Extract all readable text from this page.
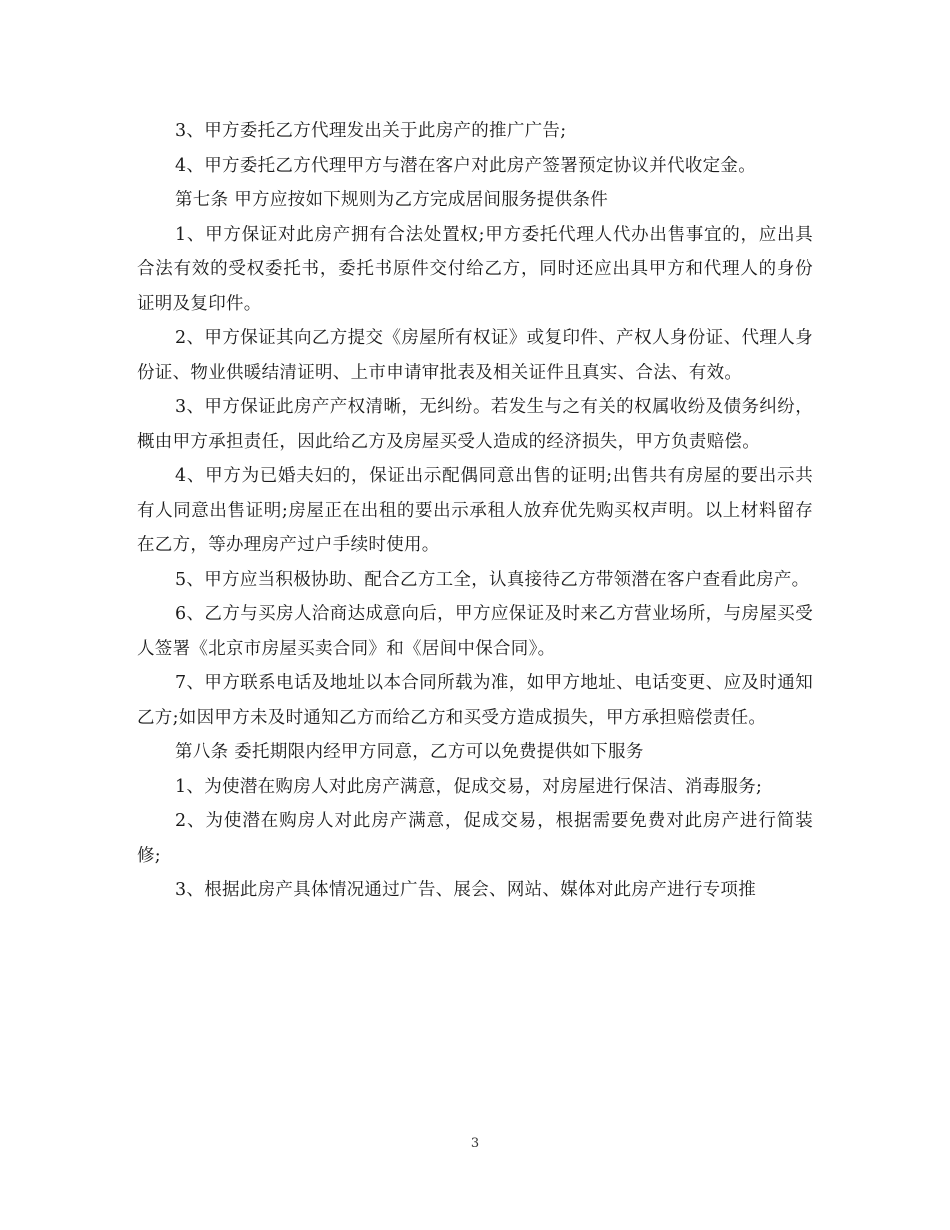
3、甲方委托乙方代理发出关于此房产的推广广告;

4、甲方委托乙方代理甲方与潜在客户对此房产签署预定协议并代收定金。

第七条 甲方应按如下规则为乙方完成居间服务提供条件

1、甲方保证对此房产拥有合法处置权;甲方委托代理人代办出售事宜的，应出具合法有效的受权委托书，委托书原件交付给乙方，同时还应出具甲方和代理人的身份证明及复印件。

2、甲方保证其向乙方提交《房屋所有权证》或复印件、产权人身份证、代理人身份证、物业供暖结清证明、上市申请审批表及相关证件且真实、合法、有效。

3、甲方保证此房产产权清晰，无纠纷。若发生与之有关的权属收纷及债务纠纷，概由甲方承担责任，因此给乙方及房屋买受人造成的经济损失，甲方负责赔偿。

4、甲方为已婚夫妇的，保证出示配偶同意出售的证明;出售共有房屋的要出示共有人同意出售证明;房屋正在出租的要出示承租人放弃优先购买权声明。以上材料留存在乙方，等办理房产过户手续时使用。

5、甲方应当积极协助、配合乙方工全，认真接待乙方带领潜在客户查看此房产。

6、乙方与买房人洽商达成意向后，甲方应保证及时来乙方营业场所，与房屋买受人签署《北京市房屋买卖合同》和《居间中保合同》。

7、甲方联系电话及地址以本合同所载为准，如甲方地址、电话变更、应及时通知乙方;如因甲方未及时通知乙方而给乙方和买受方造成损失，甲方承担赔偿责任。

第八条 委托期限内经甲方同意，乙方可以免费提供如下服务

1、为使潜在购房人对此房产满意，促成交易，对房屋进行保洁、消毒服务;

2、为使潜在购房人对此房产满意，促成交易，根据需要免费对此房产进行简装修;

3、根据此房产具体情况通过广告、展会、网站、媒体对此房产进行专项推

3
